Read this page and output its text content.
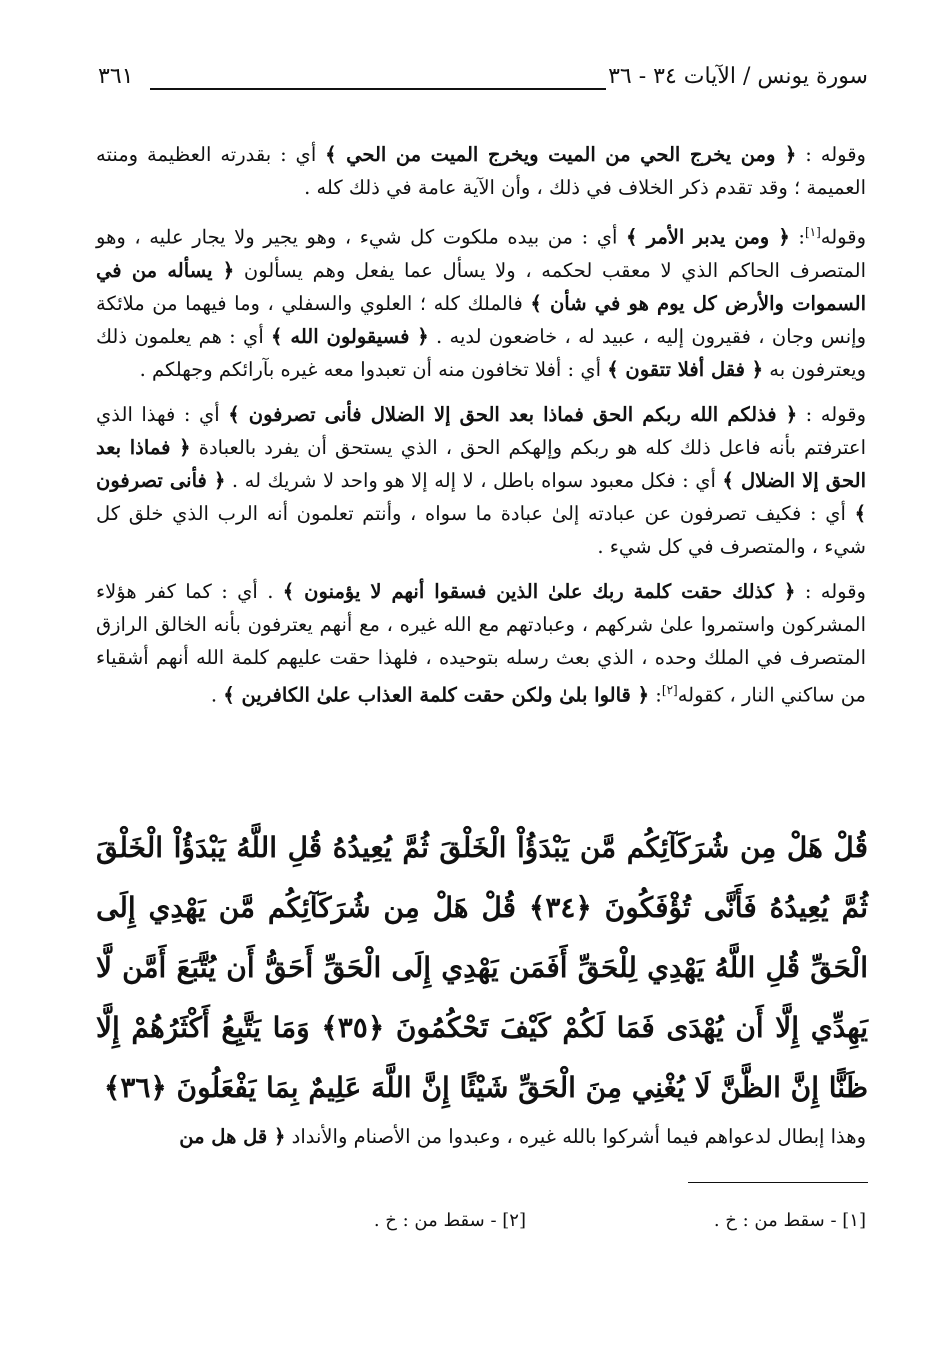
سورة يونس / الآيات ٣٤ - ٣٦
٣٦١

وقوله : ﴿ ومن يخرج الحي من الميت ويخرج الميت من الحي ﴾ أي : بقدرته العظيمة ومنته العميمة ؛ وقد تقدم ذكر الخلاف في ذلك ، وأن الآية عامة في ذلك كله .

وقوله[١]: ﴿ ومن يدبر الأمر ﴾ أي : من بيده ملكوت كل شيء ، وهو يجير ولا يجار عليه ، وهو المتصرف الحاكم الذي لا معقب لحكمه ، ولا يسأل عما يفعل وهم يسألون ﴿ يسأله من في السموات والأرض كل يوم هو في شأن ﴾ فالملك كله ؛ العلوي والسفلي ، وما فيهما من ملائكة وإنس وجان ، فقيرون إليه ، عبيد له ، خاضعون لديه . ﴿ فسيقولون الله ﴾ أي : هم يعلمون ذلك ويعترفون به ﴿ فقل أفلا تتقون ﴾ أي : أفلا تخافون منه أن تعبدوا معه غيره بآرائكم وجهلكم .

وقوله : ﴿ فذلكم الله ربكم الحق فماذا بعد الحق إلا الضلال فأنى تصرفون ﴾ أي : فهذا الذي اعترفتم بأنه فاعل ذلك كله هو ربكم وإلهكم الحق ، الذي يستحق أن يفرد بالعبادة ﴿ فماذا بعد الحق إلا الضلال ﴾ أي : فكل معبود سواه باطل ، لا إله إلا هو واحد لا شريك له . ﴿ فأنى تصرفون ﴾ أي : فكيف تصرفون عن عبادته إلىٰ عبادة ما سواه ، وأنتم تعلمون أنه الرب الذي خلق كل شيء ، والمتصرف في كل شيء .

وقوله : ﴿ كذلك حقت كلمة ربك علىٰ الذين فسقوا أنهم لا يؤمنون ﴾ . أي : كما كفر هؤلاء المشركون واستمروا علىٰ شركهم ، وعبادتهم مع الله غيره ، مع أنهم يعترفون بأنه الخالق الرازق المتصرف في الملك وحده ، الذي بعث رسله بتوحيده ، فلهذا حقت عليهم كلمة الله أنهم أشقياء من ساكني النار ، كقوله[٢]: ﴿ قالوا بلىٰ ولكن حقت كلمة العذاب علىٰ الكافرين ﴾ .

قُلْ هَلْ مِن شُرَكَآئِكُم مَّن يَبْدَؤُاْ الْخَلْقَ ثُمَّ يُعِيدُهُ قُلِ اللَّهُ يَبْدَؤُاْ الْخَلْقَ ثُمَّ يُعِيدُهُ فَأَنَّى تُؤْفَكُونَ ﴿٣٤﴾ قُلْ هَلْ مِن شُرَكَآئِكُم مَّن يَهْدِي إِلَى الْحَقِّ قُلِ اللَّهُ يَهْدِي لِلْحَقِّ أَفَمَن يَهْدِي إِلَى الْحَقِّ أَحَقُّ أَن يُتَّبَعَ أَمَّن لَّا يَهِدِّي إِلَّا أَن يُهْدَى فَمَا لَكُمْ كَيْفَ تَحْكُمُونَ ﴿٣٥﴾ وَمَا يَتَّبِعُ أَكْثَرُهُمْ إِلَّا ظَنًّا إِنَّ الظَّنَّ لَا يُغْنِي مِنَ الْحَقِّ شَيْئًا إِنَّ اللَّهَ عَلِيمٌ بِمَا يَفْعَلُونَ ﴿٣٦﴾
وهذا إبطال لدعواهم فيما أشركوا بالله غيره ، وعبدوا من الأصنام والأنداد ﴿ قل هل من
[١] - سقط من : خ .
[٢] - سقط من : خ .
